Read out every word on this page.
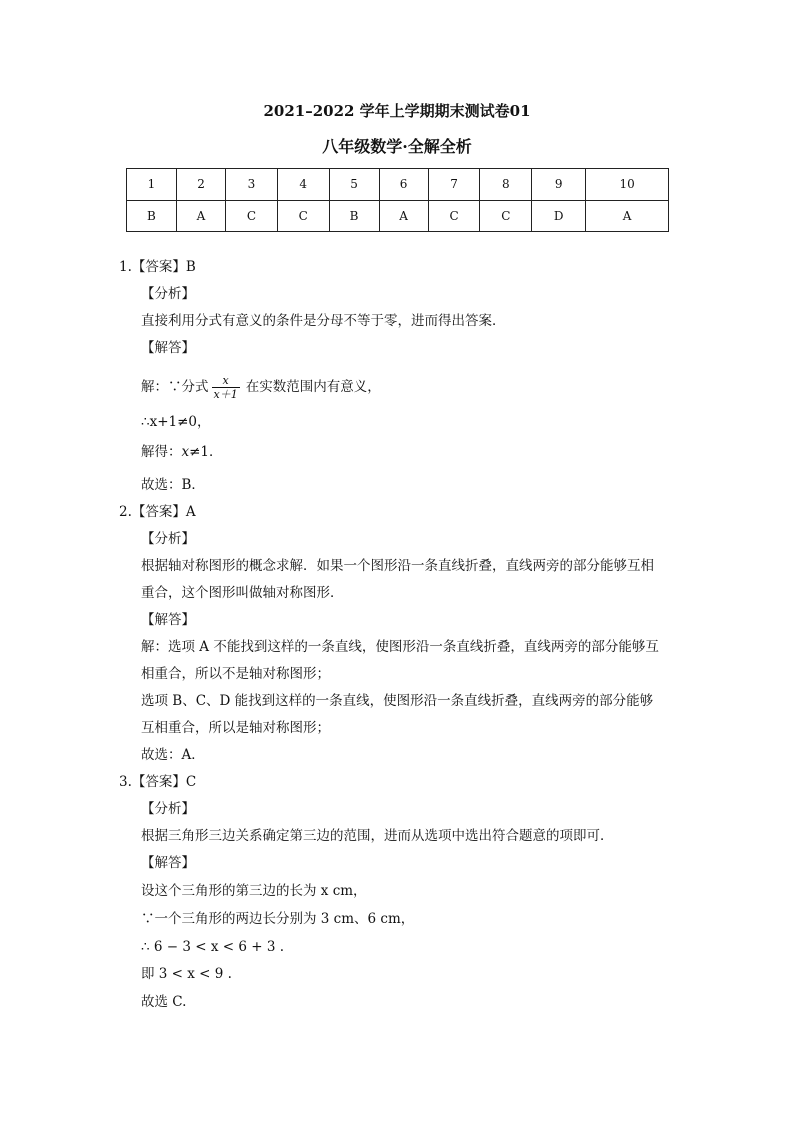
2021–2022 学年上学期期末测试卷01
八年级数学·全解全析
1	2	3	4	5	6	7	8	9	10
B	A	C	C	B	A	C	C	D	A
1.【答案】B
【分析】
直接利用分式有意义的条件是分母不等于零，进而得出答案．
【解答】
解：∵分式 $\frac{x}{x+1}$ 在实数范围内有意义，
∴x+1≠0，
解得：x≠1．
故选：B．
2.【答案】A
【分析】
根据轴对称图形的概念求解．如果一个图形沿一条直线折叠，直线两旁的部分能够互相
重合，这个图形叫做轴对称图形．
【解答】
解：选项 A 不能找到这样的一条直线，使图形沿一条直线折叠，直线两旁的部分能够互
相重合，所以不是轴对称图形；
选项 B、C、D 能找到这样的一条直线，使图形沿一条直线折叠，直线两旁的部分能够
互相重合，所以是轴对称图形；
故选：A．
3.【答案】C
【分析】
根据三角形三边关系确定第三边的范围，进而从选项中选出符合题意的项即可．
【解答】
设这个三角形的第三边的长为 x cm，
∵一个三角形的两边长分别为 3 cm、6 cm，
∴ 6 − 3 < x < 6 + 3 .
即 3 < x < 9 .
故选 C.
